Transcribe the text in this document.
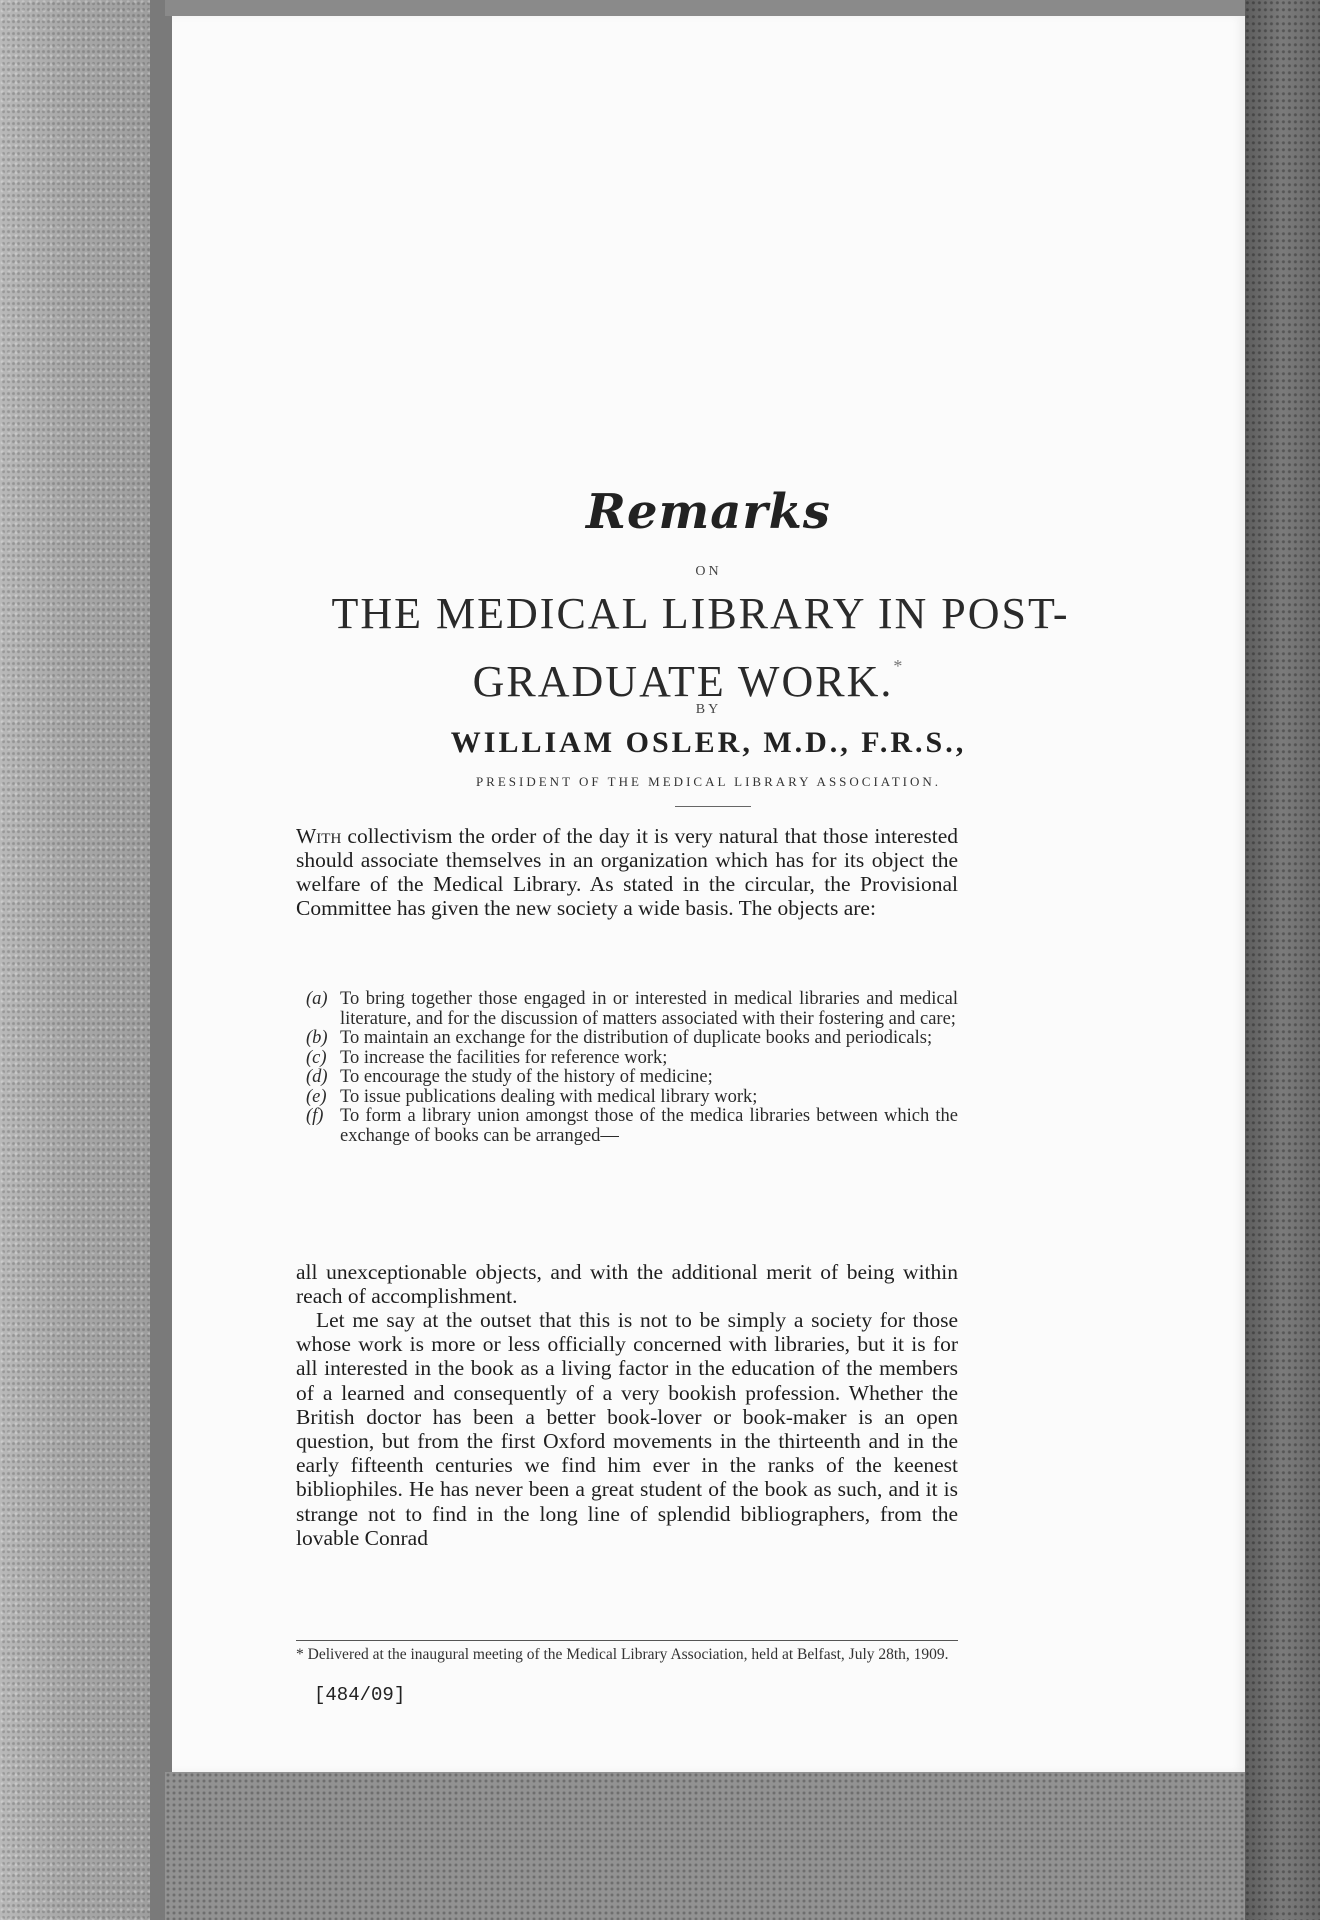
Remarks
ON
THE MEDICAL LIBRARY IN POST-
GRADUATE WORK.*
BY
WILLIAM OSLER, M.D., F.R.S.,
PRESIDENT OF THE MEDICAL LIBRARY ASSOCIATION.
With collectivism the order of the day it is very natural that those interested should associate themselves in an organization which has for its object the welfare of the Medical Library. As stated in the circular, the Provisional Committee has given the new society a wide basis. The objects are:
(a) To bring together those engaged in or interested in medical libraries and medical literature, and for the discussion of matters associated with their fostering and care;
(b) To maintain an exchange for the distribution of duplicate books and periodicals;
(c) To increase the facilities for reference work;
(d) To encourage the study of the history of medicine;
(e) To issue publications dealing with medical library work;
(f) To form a library union amongst those of the medica libraries between which the exchange of books can be arranged—
all unexceptionable objects, and with the additional merit of being within reach of accomplishment.
Let me say at the outset that this is not to be simply a society for those whose work is more or less officially concerned with libraries, but it is for all interested in the book as a living factor in the education of the members of a learned and consequently of a very bookish profession. Whether the British doctor has been a better book-lover or book-maker is an open question, but from the first Oxford movements in the thirteenth and in the early fifteenth centuries we find him ever in the ranks of the keenest bibliophiles. He has never been a great student of the book as such, and it is strange not to find in the long line of splendid bibliographers, from the lovable Conrad
* Delivered at the inaugural meeting of the Medical Library Association, held at Belfast, July 28th, 1909.
[484/09]
